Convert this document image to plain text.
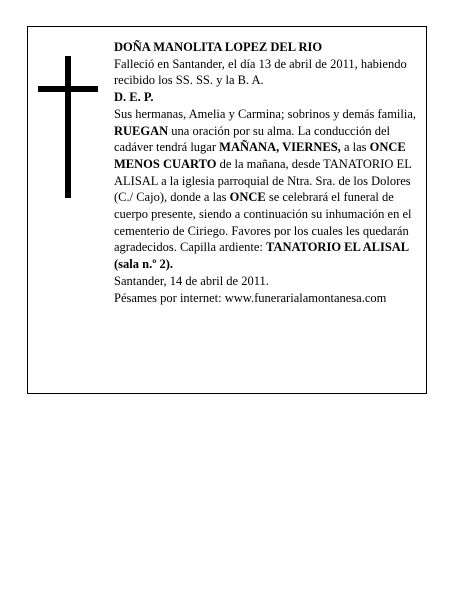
DOÑA MANOLITA LOPEZ DEL RIO

Falleció en Santander, el día 13 de abril de 2011, habiendo recibido los SS. SS. y la B. A.

D. E. P.

Sus hermanas, Amelia y Carmina; sobrinos y demás familia,

RUEGAN una oración por su alma. La conducción del cadáver tendrá lugar MAÑANA, VIERNES, a las ONCE MENOS CUARTO de la mañana, desde TANATORIO EL ALISAL a la iglesia parroquial de Ntra. Sra. de los Dolores (C./ Cajo), donde a las ONCE se celebrará el funeral de cuerpo presente, siendo a continuación su inhumación en el cementerio de Ciriego. Favores por los cuales les quedarán agradecidos. Capilla ardiente: TANATORIO EL ALISAL (sala n.º 2).

Santander, 14 de abril de 2011.

Pésames por internet: www.funerarialamontanesa.com
